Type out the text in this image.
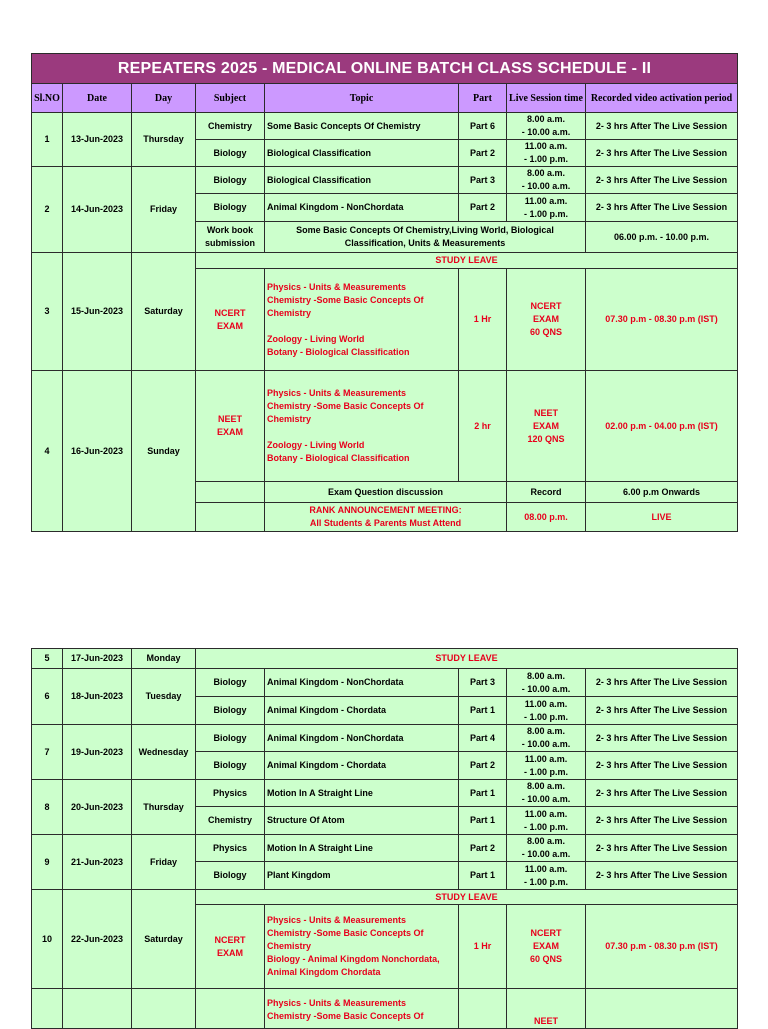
REPEATERS 2025 - MEDICAL ONLINE BATCH CLASS SCHEDULE - II							
Sl.NO	Date	Day	Subject	Topic	Part	Live Session time	Recorded video activation period
1	13-Jun-2023	Thursday	Chemistry	Some Basic Concepts Of Chemistry	Part 6	8.00 a.m.
- 10.00 a.m.	2- 3 hrs After The Live Session
			Biology	Biological Classification	Part 2	11.00 a.m.
- 1.00 p.m.	2- 3 hrs After The Live Session
2	14-Jun-2023	Friday	Biology	Biological Classification	Part 3	8.00 a.m.
- 10.00 a.m.	2- 3 hrs After The Live Session
			Biology	Animal Kingdom - NonChordata	Part 2	11.00 a.m.
- 1.00 p.m.	2- 3 hrs After The Live Session
			Work book submission	Some Basic Concepts Of Chemistry,Living World, Biological Classification, Units & Measurements			06.00 p.m. - 10.00 p.m.
3	15-Jun-2023	Saturday	STUDY LEAVE				
			NCERT
EXAM	Physics - Units & Measurements
Chemistry -Some Basic Concepts Of Chemistry

Zoology - Living World
Botany - Biological Classification	1 Hr	NCERT
EXAM
60 QNS	07.30 p.m - 08.30 p.m (IST)
4	16-Jun-2023	Sunday	NEET
EXAM	Physics - Units & Measurements
Chemistry -Some Basic Concepts Of Chemistry

Zoology - Living World
Botany - Biological Classification	2 hr	NEET
EXAM
120 QNS	02.00 p.m - 04.00 p.m (IST)
				Exam Question discussion		Record	6.00 p.m Onwards
				RANK ANNOUNCEMENT MEETING:
All Students & Parents Must Attend		08.00 p.m.	LIVE
5	17-Jun-2023	Monday	STUDY LEAVE				
6	18-Jun-2023	Tuesday	Biology	Animal Kingdom - NonChordata	Part 3	8.00 a.m.
- 10.00 a.m.	2- 3 hrs After The Live Session
			Biology	Animal Kingdom - Chordata	Part 1	11.00 a.m.
- 1.00 p.m.	2- 3 hrs After The Live Session
7	19-Jun-2023	Wednesday	Biology	Animal Kingdom - NonChordata	Part 4	8.00 a.m.
- 10.00 a.m.	2- 3 hrs After The Live Session
			Biology	Animal Kingdom - Chordata	Part 2	11.00 a.m.
- 1.00 p.m.	2- 3 hrs After The Live Session
8	20-Jun-2023	Thursday	Physics	Motion In A Straight Line	Part 1	8.00 a.m.
- 10.00 a.m.	2- 3 hrs After The Live Session
			Chemistry	Structure Of Atom	Part 1	11.00 a.m.
- 1.00 p.m.	2- 3 hrs After The Live Session
9	21-Jun-2023	Friday	Physics	Motion In A Straight Line	Part 2	8.00 a.m.
- 10.00 a.m.	2- 3 hrs After The Live Session
			Biology	Plant Kingdom	Part 1	11.00 a.m.
- 1.00 p.m.	2- 3 hrs After The Live Session
10	22-Jun-2023	Saturday	STUDY LEAVE				
			NCERT
EXAM	Physics - Units & Measurements
Chemistry -Some Basic Concepts Of Chemistry
Biology - Animal Kingdom Nonchordata, Animal Kingdom Chordata	1 Hr	NCERT
EXAM
60 QNS	07.30 p.m - 08.30 p.m (IST)
				Physics - Units & Measurements
Chemistry -Some Basic Concepts Of		NEET	
